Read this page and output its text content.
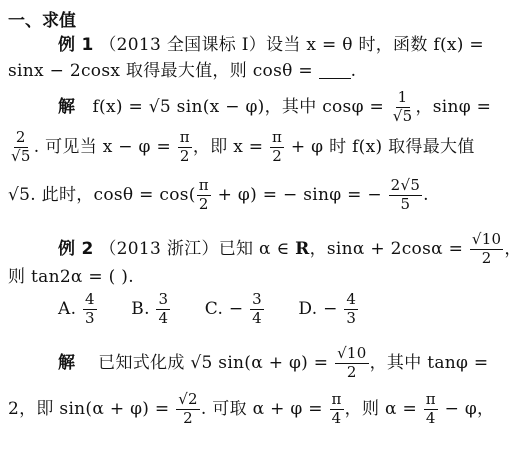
一、求值
例 1 （2013 全国课标 Ⅰ）设当 x = θ 时，函数 f(x) =
sinx − 2cosx 取得最大值，则 cosθ = .
解 f(x) = √5 sin(x − φ)，其中 $\cos\varphi = \frac{1}{√5}$ ，sinφ =
$\frac{2}{√5}$ . 可见当 $x - \varphi = \frac{\pi}{2}$ ，即 $x = \frac{\pi}{2} + \varphi$ 时 f(x) 取得最大值
√5. 此时，$\cos\theta = \cos( \frac{\pi}{2} + \varphi)$ = − sinφ = − $\frac{2√5}{5}$ .
例 2 （2013 浙江）已知 α ∈ R，$\sin\alpha + 2\cos\alpha = \frac{√10}{2}$ ，
则 tan2α = ( ).
A. $\frac{4}{3} B$. $\frac{3}{4} C$. − $\frac{3}{4} D$. − $\frac{4}{3}$
解 已知式化成 √5 $\sin(\alpha + \varphi) = \frac{√10}{2}$ ，其中 tanφ =
2，即 $\sin(\alpha + \varphi) = \frac{√2}{2}$ . 可取 $\alpha + \varphi = \frac{\pi}{4}$ ，则 $\alpha = \frac{\pi}{4} - \varphi$，
